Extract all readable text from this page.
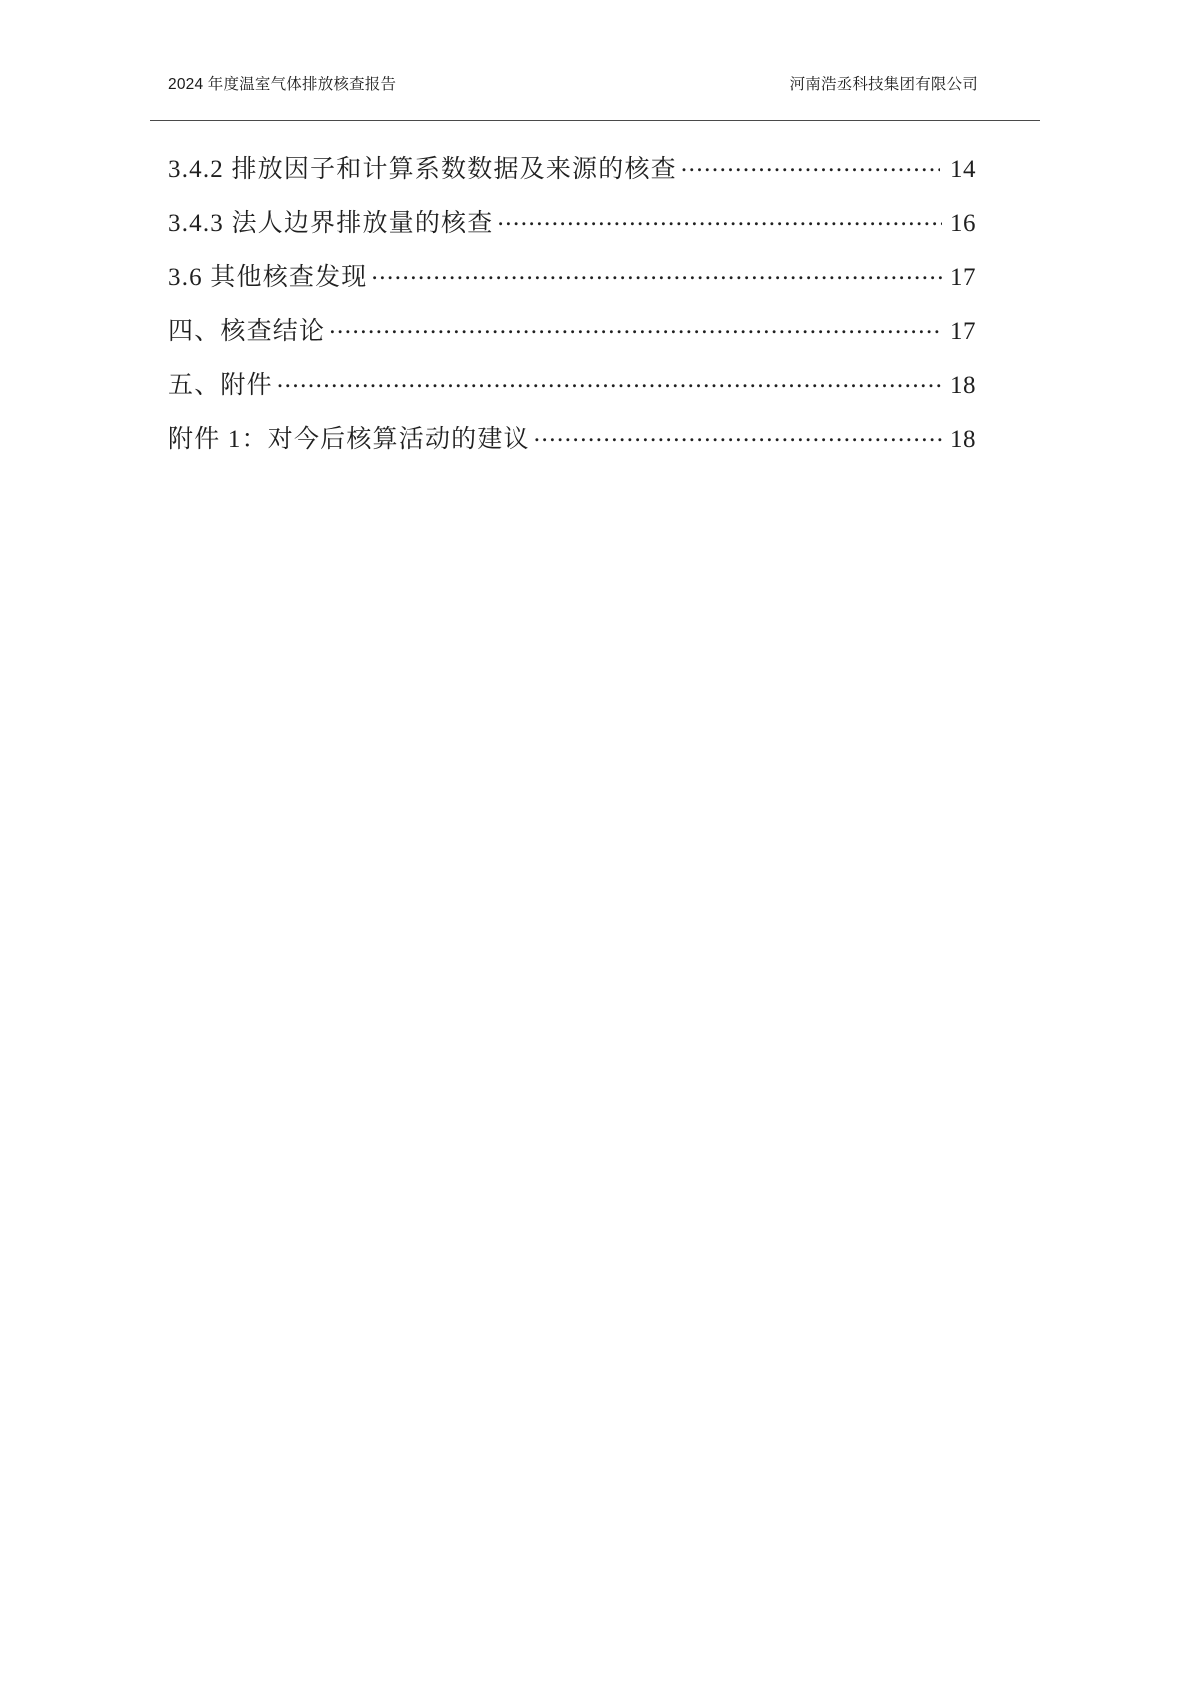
2024 年度温室气体排放核查报告	河南浩丞科技集团有限公司
3.4.2 排放因子和计算系数数据及来源的核查 .....	14
3.4.3 法人边界排放量的核查 .....	16
3.6 其他核查发现 .....	17
四、核查结论 .....	17
五、附件 .....	18
附件 1：对今后核算活动的建议 .....	18
